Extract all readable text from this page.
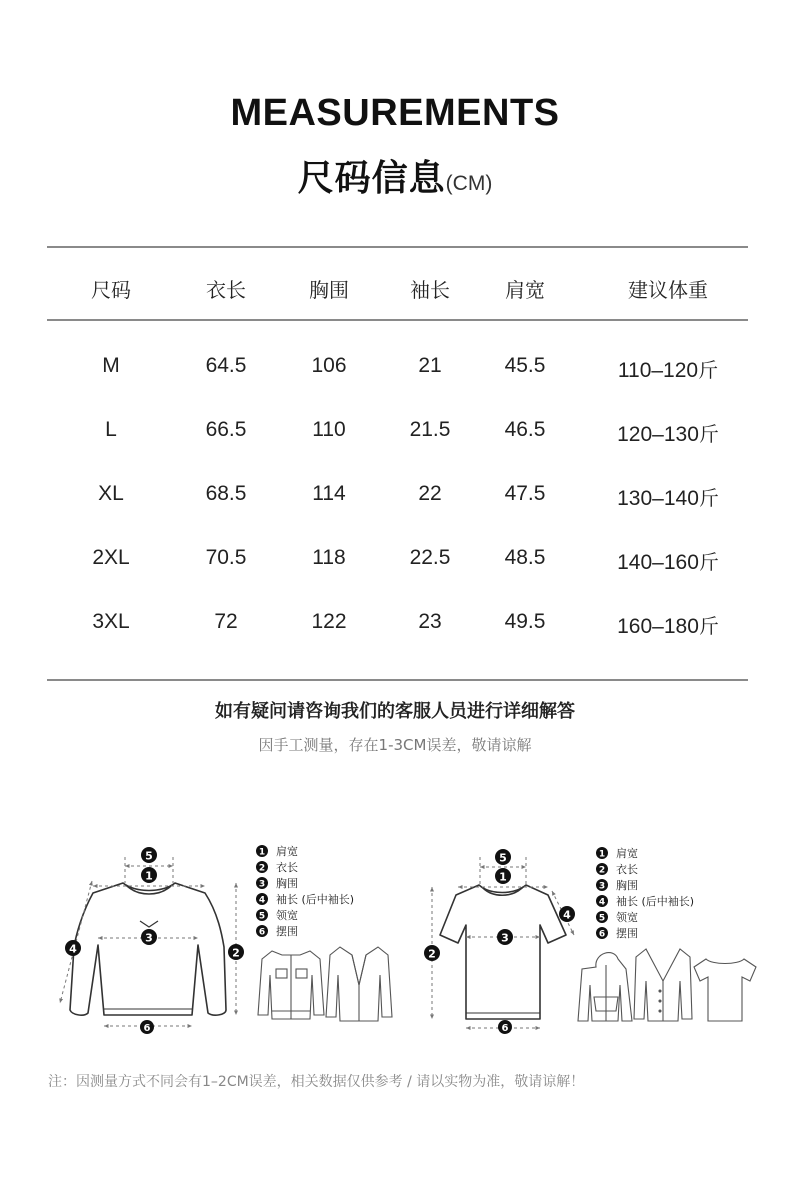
MEASUREMENTS
尺码信息(CM)
尺码	衣长	胸围	袖长	肩宽	建议体重
M	64.5	106	21	45.5	110–120斤
L	66.5	110	21.5	46.5	120–130斤
XL	68.5	114	22	47.5	130–140斤
2XL	70.5	118	22.5	48.5	140–160斤
3XL	72	122	23	49.5	160–180斤
如有疑问请咨询我们的客服人员进行详细解答
因手工测量，存在1-3CM误差，敬请谅解
5
1
3
4	2
6
1 肩宽
2 衣长
3 胸围
4 袖长 (后中袖长)
5 领宽
6 摆围
5
1
4
3
2
6
1 肩宽
2 衣长
3 胸围
4 袖长 (后中袖长)
5 领宽
6 摆围
注：因测量方式不同会有1–2CM误差，相关数据仅供参考 / 请以实物为准，敬请谅解！
